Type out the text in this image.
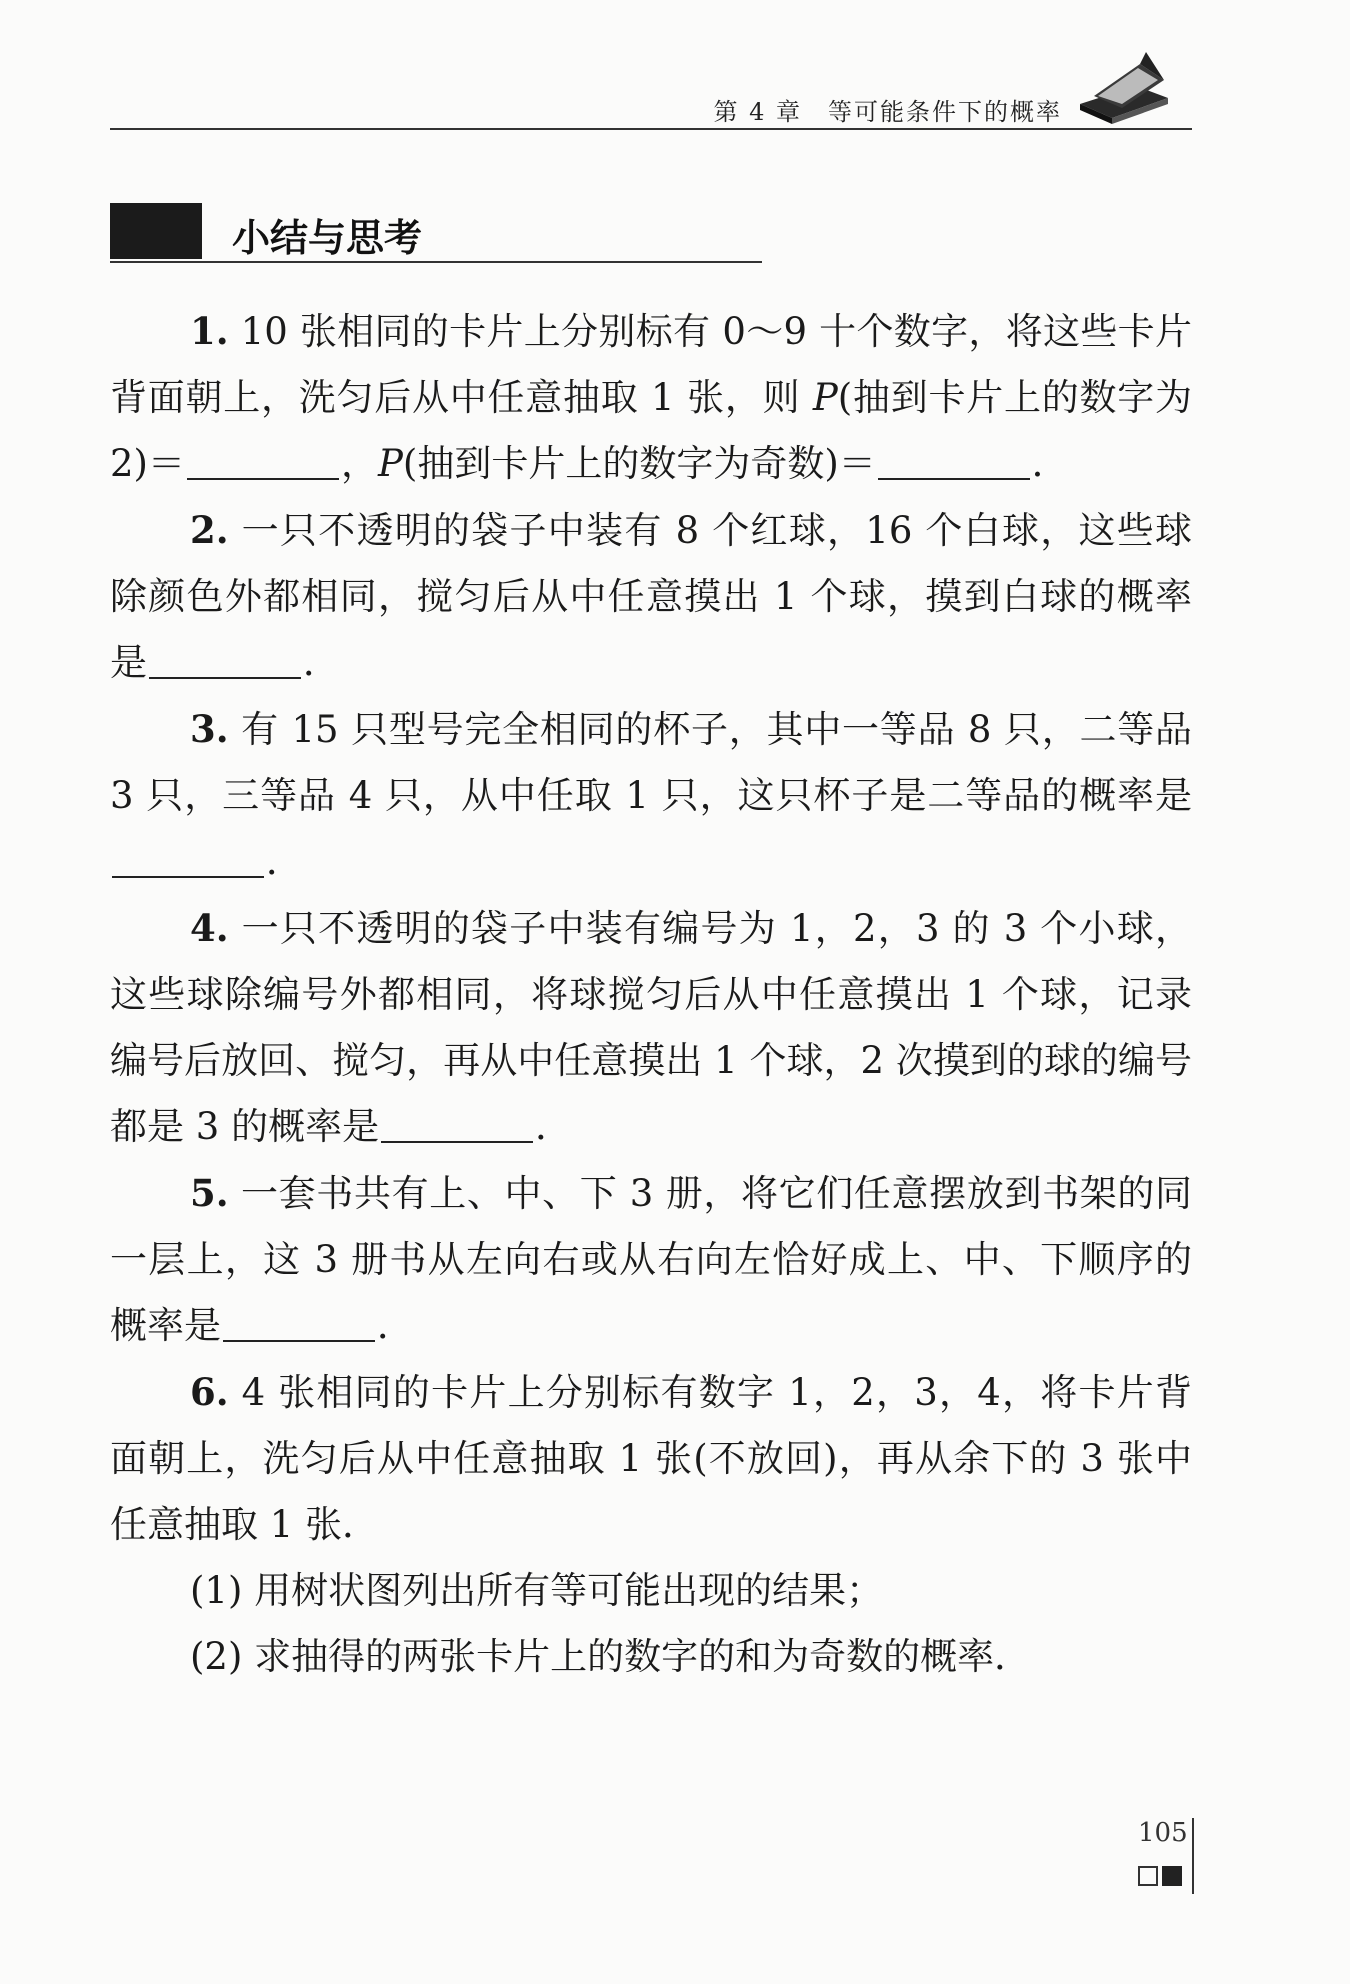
第 4 章　等可能条件下的概率
小结与思考

1. 10 张相同的卡片上分别标有 0～9 十个数字，将这些卡片背面朝上，洗匀后从中任意抽取 1 张，则 P(抽到卡片上的数字为 2)＝	，P(抽到卡片上的数字为奇数)＝	．

2. 一只不透明的袋子中装有 8 个红球，16 个白球，这些球除颜色外都相同，搅匀后从中任意摸出 1 个球，摸到白球的概率是	．

3. 有 15 只型号完全相同的杯子，其中一等品 8 只，二等品 3 只，三等品 4 只，从中任取 1 只，这只杯子是二等品的概率是．

4. 一只不透明的袋子中装有编号为 1，2，3 的 3 个小球，这些球除编号外都相同，将球搅匀后从中任意摸出 1 个球，记录编号后放回、搅匀，再从中任意摸出 1 个球，2 次摸到的球的编号都是 3 的概率是	．

5. 一套书共有上、中、下 3 册，将它们任意摆放到书架的同一层上，这 3 册书从左向右或从右向左恰好成上、中、下顺序的概率是	．

6. 4 张相同的卡片上分别标有数字 1，2，3，4，将卡片背面朝上，洗匀后从中任意抽取 1 张(不放回)，再从余下的 3 张中任意抽取 1 张．

(1) 用树状图列出所有等可能出现的结果；

(2) 求抽得的两张卡片上的数字的和为奇数的概率．

105
